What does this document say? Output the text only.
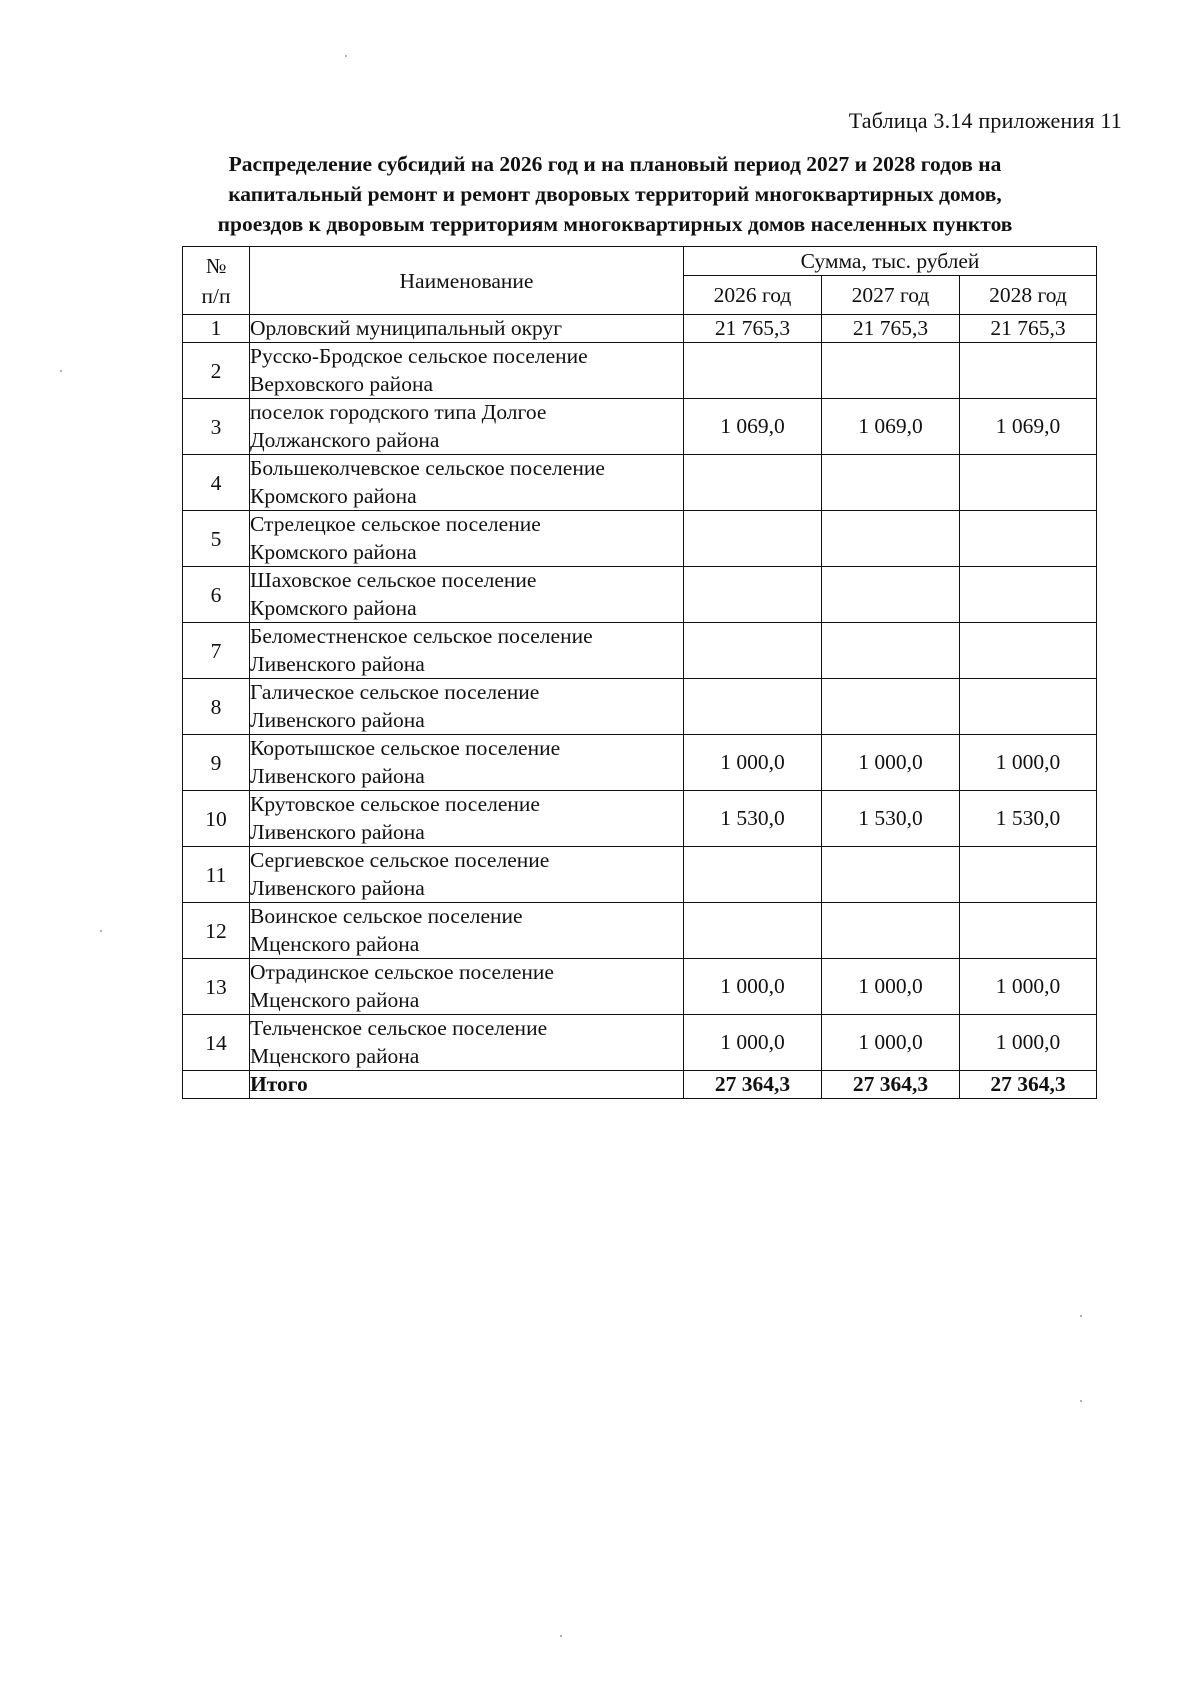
Таблица 3.14 приложения 11
Распределение субсидий на 2026 год и на плановый период 2027 и 2028 годов на
капитальный ремонт и ремонт дворовых территорий многоквартирных домов,
проездов к дворовым территориям многоквартирных домов населенных пунктов
№ п/п	Наименование	Сумма, тыс. рублей		
		2026 год	2027 год	2028 год
1	Орловский муниципальный округ	21 765,3	21 765,3	21 765,3
2	Русско-Бродское сельское поселение
Верховского района			

3	поселок городского типа Долгое
Должанского района	1 069,0	1 069,0	1 069,0
4	Большеколчевское сельское поселение
Кромского района			

5	Стрелецкое сельское поселение
Кромского района			

6	Шаховское сельское поселение
Кромского района			

7	Беломестненское сельское поселение
Ливенского района			

8	Галическое сельское поселение
Ливенского района			

9	Коротышское сельское поселение
Ливенского района	1 000,0	1 000,0	1 000,0
10	Крутовское сельское поселение
Ливенского района	1 530,0	1 530,0	1 530,0
11	Сергиевское сельское поселение
Ливенского района			

12	Воинское сельское поселение
Мценского района			

13	Отрадинское сельское поселение
Мценского района	1 000,0	1 000,0	1 000,0
14	Тельченское сельское поселение
Мценского района	1 000,0	1 000,0	1 000,0
	Итого	27 364,3	27 364,3	27 364,3
